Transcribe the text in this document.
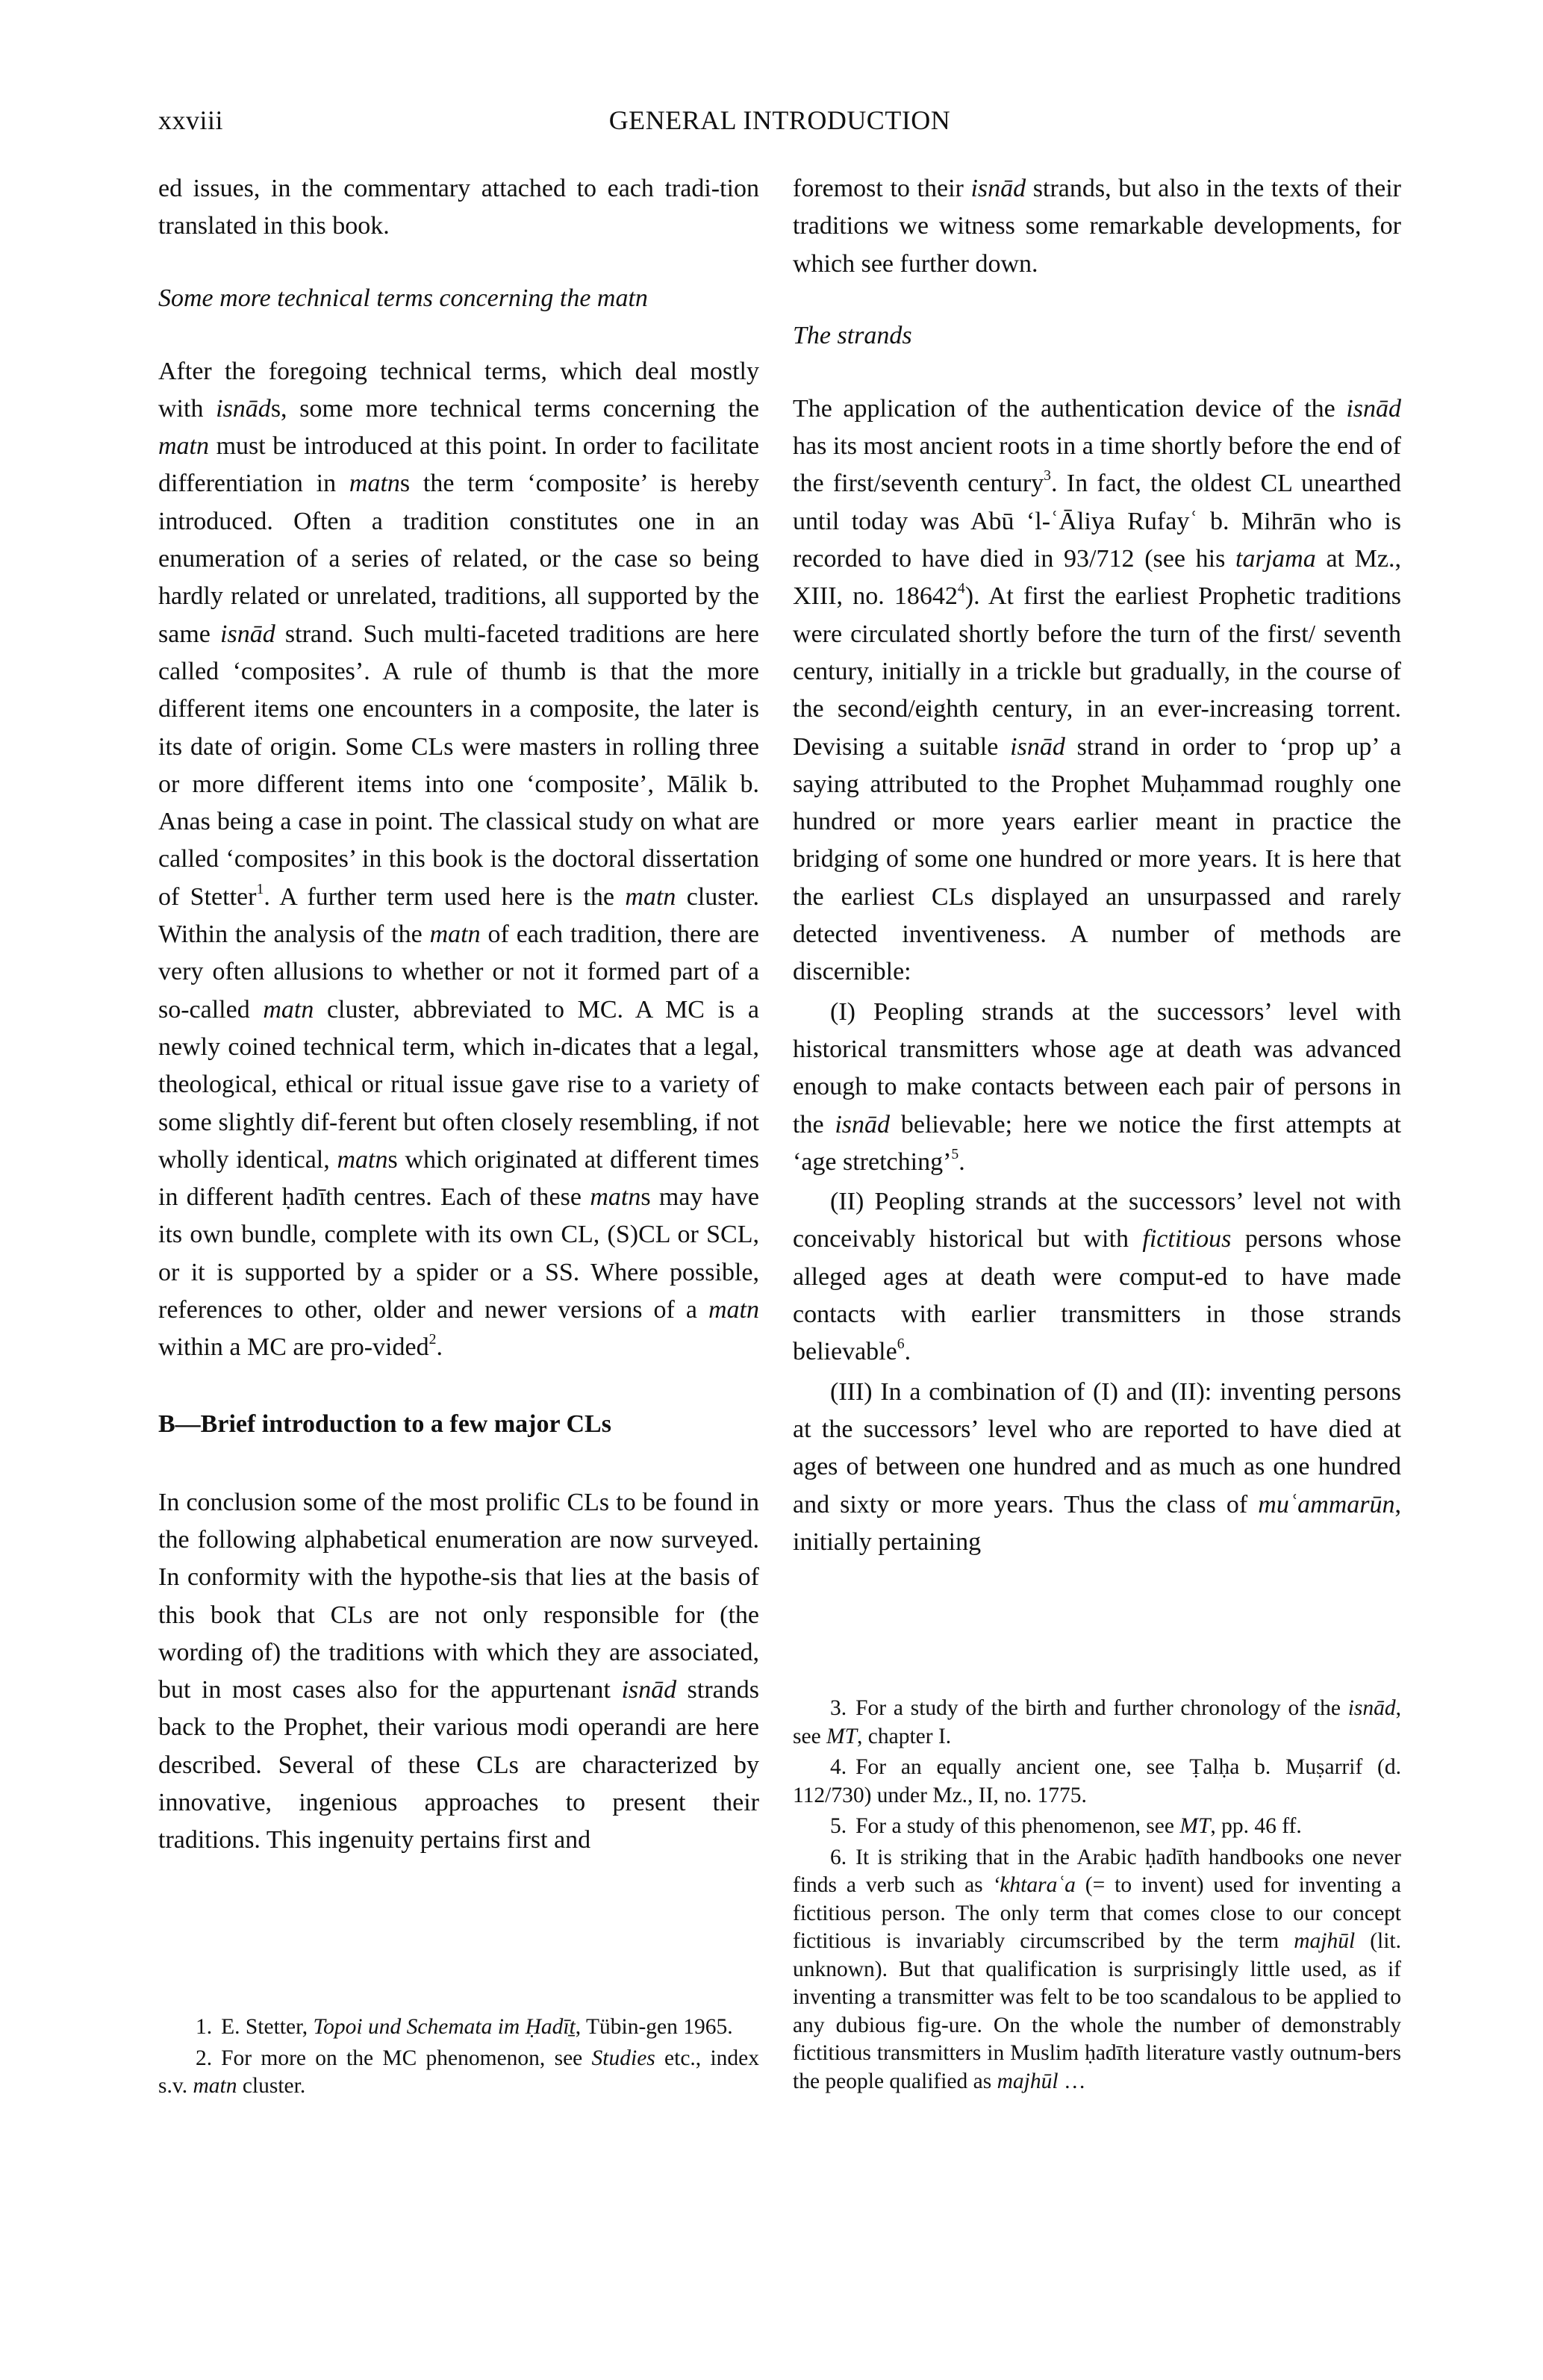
xxviii	GENERAL INTRODUCTION

ed issues, in the commentary attached to each tradi-tion translated in this book.

Some more technical terms concerning the matn

After the foregoing technical terms, which deal mostly with isnāds, some more technical terms concerning the matn must be introduced at this point. In order to facilitate differentiation in matns the term ‘composite’ is hereby introduced. Often a tradition constitutes one in an enumeration of a series of related, or the case so being hardly related or unrelated, traditions, all supported by the same isnād strand. Such multi-faceted traditions are here called ‘composites’. A rule of thumb is that the more different items one encounters in a composite, the later is its date of origin. Some CLs were masters in rolling three or more different items into one ‘composite’, Mālik b. Anas being a case in point. The classical study on what are called ‘composites’ in this book is the doctoral dissertation of Stetter$^1$. A further term used here is the matn cluster. Within the analysis of the matn of each tradition, there are very often allusions to whether or not it formed part of a so-called matn cluster, abbreviated to MC. A MC is a newly coined technical term, which in-dicates that a legal, theological, ethical or ritual issue gave rise to a variety of some slightly dif-ferent but often closely resembling, if not wholly identical, matns which originated at different times in different ḥadīth centres. Each of these matns may have its own bundle, complete with its own CL, (S)CL or SCL, or it is supported by a spider or a SS. Where possible, references to other, older and newer versions of a matn within a MC are pro-vided$^2$.

B—Brief introduction to a few major CLs

In conclusion some of the most prolific CLs to be found in the following alphabetical enumeration are now surveyed. In conformity with the hypothe-sis that lies at the basis of this book that CLs are not only responsible for (the wording of) the traditions with which they are associated, but in most cases also for the appurtenant isnād strands back to the Prophet, their various modi operandi are here described. Several of these CLs are characterized by innovative, ingenious approaches to present their traditions. This ingenuity pertains first and

foremost to their isnād strands, but also in the texts of their traditions we witness some remarkable developments, for which see further down.

The strands

The application of the authentication device of the isnād has its most ancient roots in a time shortly before the end of the first/seventh century$^3$. In fact, the oldest CL unearthed until today was Abū ‘l-ʿĀliya Rufayʿ b. Mihrān who is recorded to have died in 93/712 (see his tarjama at Mz., XIII, no. 18642$^4$). At first the earliest Prophetic traditions were circulated shortly before the turn of the first/ seventh century, initially in a trickle but gradually, in the course of the second/eighth century, in an ever-increasing torrent. Devising a suitable isnād strand in order to ‘prop up’ a saying attributed to the Prophet Muḥammad roughly one hundred or more years earlier meant in practice the bridging of some one hundred or more years. It is here that the earliest CLs displayed an unsurpassed and rarely detected inventiveness. A number of methods are discernible:

(I) Peopling strands at the successors’ level with historical transmitters whose age at death was advanced enough to make contacts between each pair of persons in the isnād believable; here we notice the first attempts at ‘age stretching’$^5$.

(II) Peopling strands at the successors’ level not with conceivably historical but with fictitious persons whose alleged ages at death were comput-ed to have made contacts with earlier transmitters in those strands believable$^6$.

(III) In a combination of (I) and (II): inventing persons at the successors’ level who are reported to have died at ages of between one hundred and as much as one hundred and sixty or more years. Thus the class of muʿammarūn, initially pertaining

1. E. Stetter, Topoi und Schemata im Ḥadīṯ, Tübin-gen 1965.

2. For more on the MC phenomenon, see Studies etc., index s.v. matn cluster.

3. For a study of the birth and further chronology of the isnād, see MT, chapter I.

4. For an equally ancient one, see Ṭalḥa b. Muṣarrif (d. 112/730) under Mz., II, no. 1775.

5. For a study of this phenomenon, see MT, pp. 46 ff.

6. It is striking that in the Arabic ḥadīth handbooks one never finds a verb such as ‘khtaraʿa (= to invent) used for inventing a fictitious person. The only term that comes close to our concept fictitious is invariably circumscribed by the term majhūl (lit. unknown). But that qualification is surprisingly little used, as if inventing a transmitter was felt to be too scandalous to be applied to any dubious fig-ure. On the whole the number of demonstrably fictitious transmitters in Muslim ḥadīth literature vastly outnum-bers the people qualified as majhūl …
